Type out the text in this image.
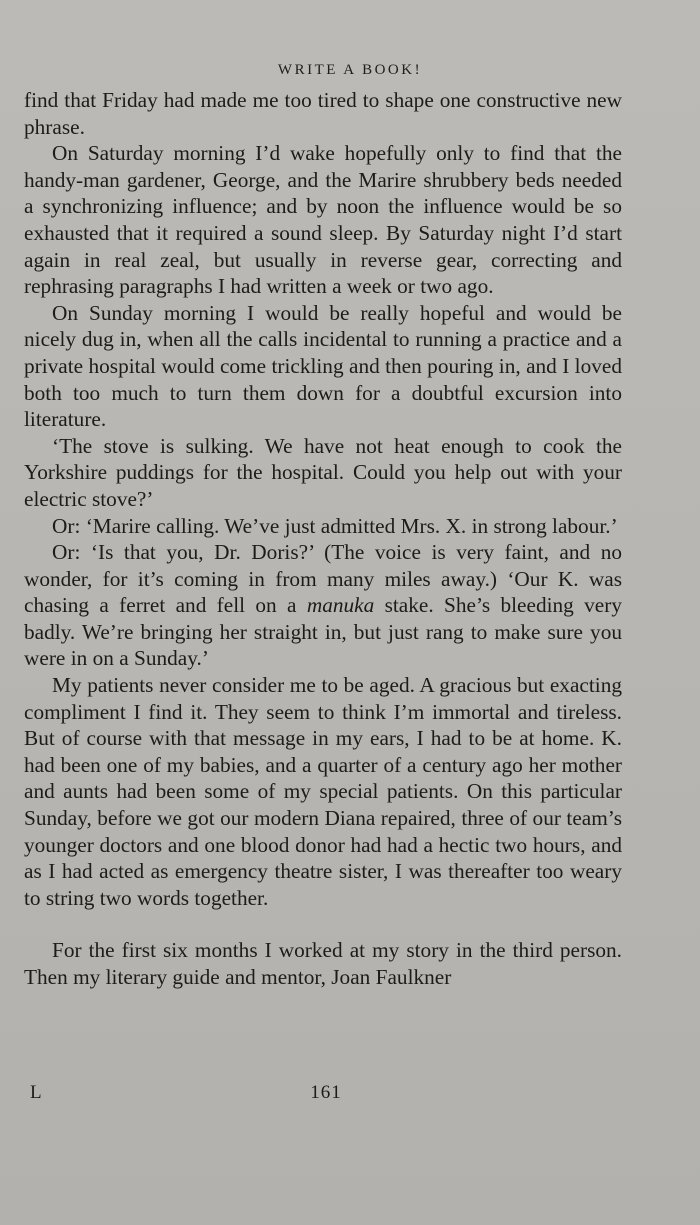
WRITE A BOOK!

find that Friday had made me too tired to shape one constructive new phrase.

On Saturday morning I’d wake hopefully only to find that the handy-man gardener, George, and the Marire shrubbery beds needed a synchronizing influence; and by noon the influence would be so exhausted that it required a sound sleep. By Saturday night I’d start again in real zeal, but usually in reverse gear, correcting and rephrasing paragraphs I had written a week or two ago.

On Sunday morning I would be really hopeful and would be nicely dug in, when all the calls incidental to running a practice and a private hospital would come trickling and then pouring in, and I loved both too much to turn them down for a doubtful excursion into literature.

‘The stove is sulking. We have not heat enough to cook the Yorkshire puddings for the hospital. Could you help out with your electric stove?’

Or: ‘Marire calling. We’ve just admitted Mrs. X. in strong labour.’

Or: ‘Is that you, Dr. Doris?’ (The voice is very faint, and no wonder, for it’s coming in from many miles away.) ‘Our K. was chasing a ferret and fell on a manuka stake. She’s bleeding very badly. We’re bringing her straight in, but just rang to make sure you were in on a Sunday.’

My patients never consider me to be aged. A gracious but exacting compliment I find it. They seem to think I’m immortal and tireless. But of course with that message in my ears, I had to be at home. K. had been one of my babies, and a quarter of a century ago her mother and aunts had been some of my special patients. On this particular Sunday, before we got our modern Diana repaired, three of our team’s younger doctors and one blood donor had had a hectic two hours, and as I had acted as emergency theatre sister, I was thereafter too weary to string two words together.

For the first six months I worked at my story in the third person. Then my literary guide and mentor, Joan Faulkner

L	161
